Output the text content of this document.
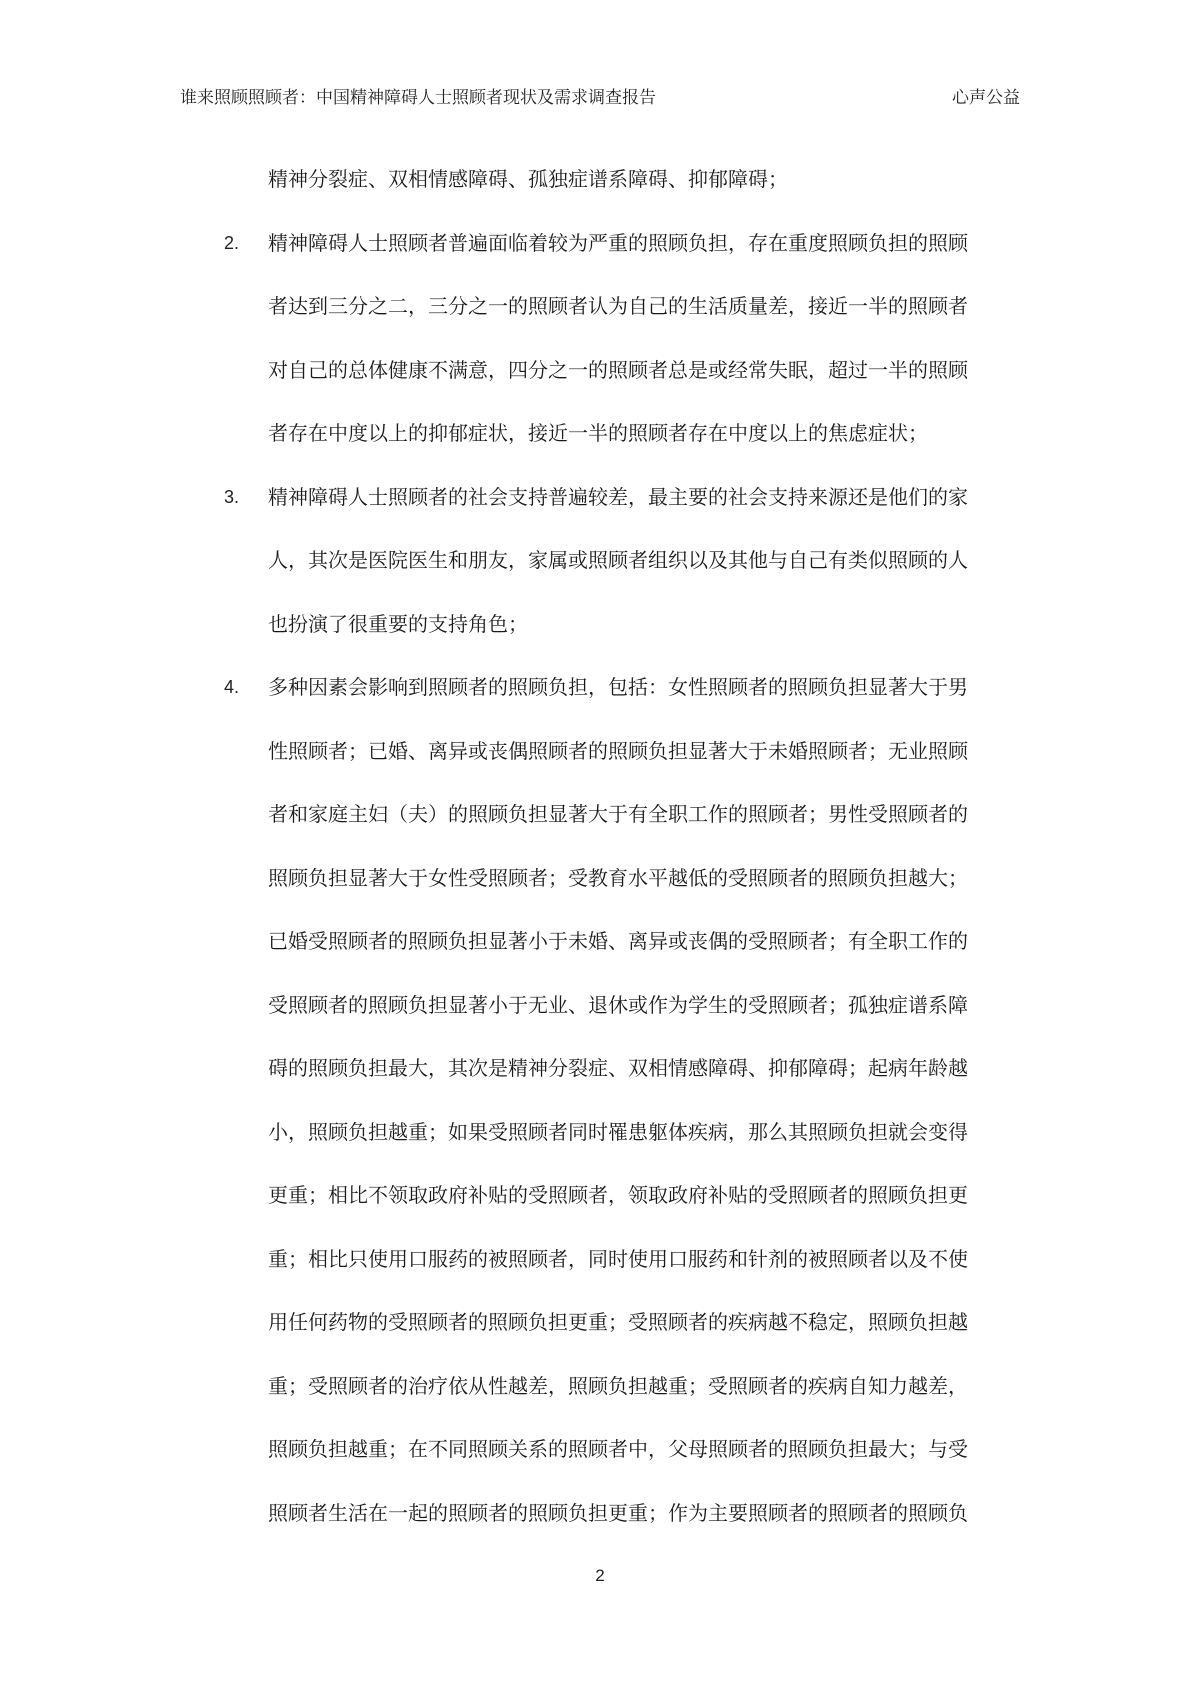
谁来照顾照顾者：中国精神障碍人士照顾者现状及需求调查报告	心声公益
精神分裂症、双相情感障碍、孤独症谱系障碍、抑郁障碍；
2. 精神障碍人士照顾者普遍面临着较为严重的照顾负担，存在重度照顾负担的照顾
者达到三分之二，三分之一的照顾者认为自己的生活质量差，接近一半的照顾者
对自己的总体健康不满意，四分之一的照顾者总是或经常失眠，超过一半的照顾
者存在中度以上的抑郁症状，接近一半的照顾者存在中度以上的焦虑症状；
3. 精神障碍人士照顾者的社会支持普遍较差，最主要的社会支持来源还是他们的家
人，其次是医院医生和朋友，家属或照顾者组织以及其他与自己有类似照顾的人
也扮演了很重要的支持角色；
4. 多种因素会影响到照顾者的照顾负担，包括：女性照顾者的照顾负担显著大于男
性照顾者；已婚、离异或丧偶照顾者的照顾负担显著大于未婚照顾者；无业照顾
者和家庭主妇（夫）的照顾负担显著大于有全职工作的照顾者；男性受照顾者的
照顾负担显著大于女性受照顾者；受教育水平越低的受照顾者的照顾负担越大；
已婚受照顾者的照顾负担显著小于未婚、离异或丧偶的受照顾者；有全职工作的
受照顾者的照顾负担显著小于无业、退休或作为学生的受照顾者；孤独症谱系障
碍的照顾负担最大，其次是精神分裂症、双相情感障碍、抑郁障碍；起病年龄越
小，照顾负担越重；如果受照顾者同时罹患躯体疾病，那么其照顾负担就会变得
更重；相比不领取政府补贴的受照顾者，领取政府补贴的受照顾者的照顾负担更
重；相比只使用口服药的被照顾者，同时使用口服药和针剂的被照顾者以及不使
用任何药物的受照顾者的照顾负担更重；受照顾者的疾病越不稳定，照顾负担越
重；受照顾者的治疗依从性越差，照顾负担越重；受照顾者的疾病自知力越差，
照顾负担越重；在不同照顾关系的照顾者中，父母照顾者的照顾负担最大；与受
照顾者生活在一起的照顾者的照顾负担更重；作为主要照顾者的照顾者的照顾负
2
